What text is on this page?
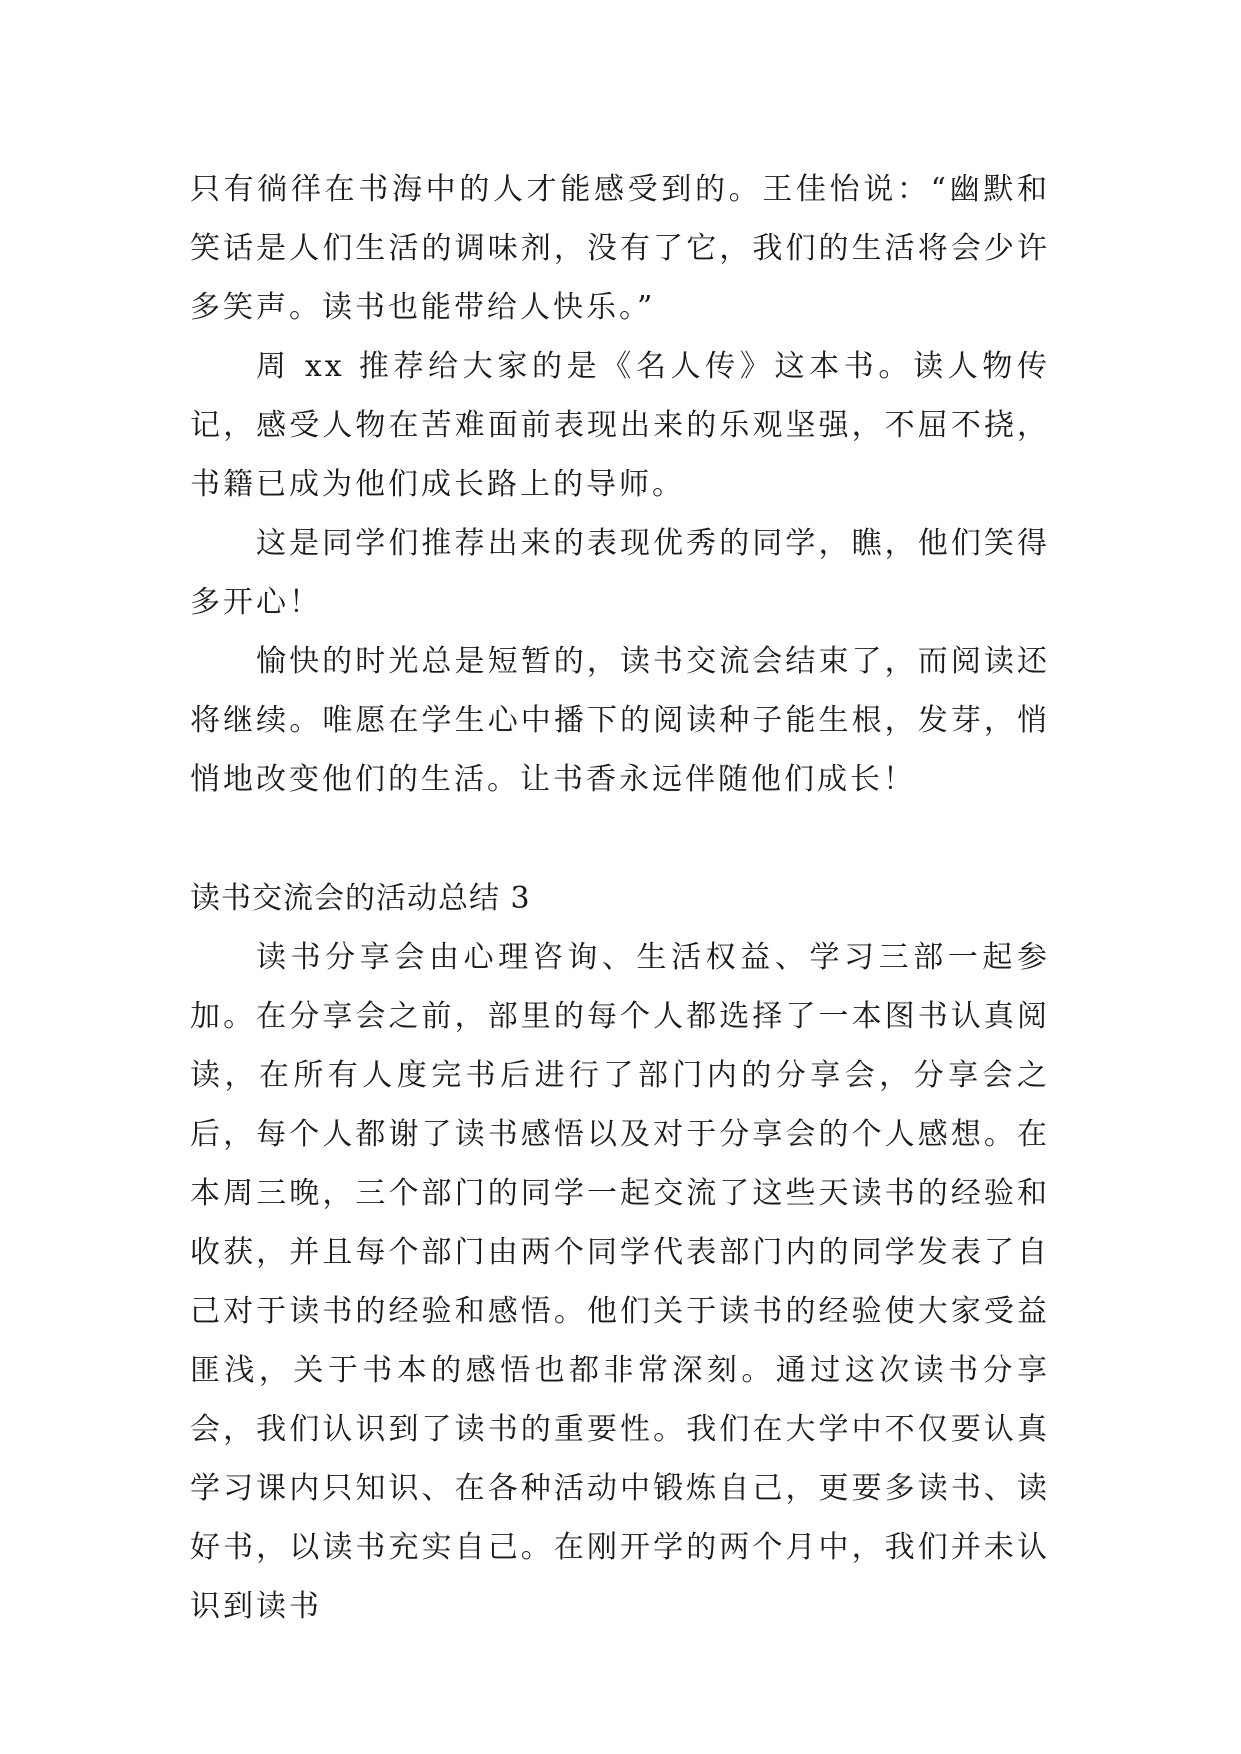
只有徜徉在书海中的人才能感受到的。王佳怡说：“幽默和笑话是人们生活的调味剂，没有了它，我们的生活将会少许多笑声。读书也能带给人快乐。”

周 xx 推荐给大家的是《名人传》这本书。读人物传记，感受人物在苦难面前表现出来的乐观坚强，不屈不挠，书籍已成为他们成长路上的导师。

这是同学们推荐出来的表现优秀的同学，瞧，他们笑得多开心！

愉快的时光总是短暂的，读书交流会结束了，而阅读还将继续。唯愿在学生心中播下的阅读种子能生根，发芽，悄悄地改变他们的生活。让书香永远伴随他们成长！

读书交流会的活动总结 3

读书分享会由心理咨询、生活权益、学习三部一起参加。在分享会之前，部里的每个人都选择了一本图书认真阅读，在所有人度完书后进行了部门内的分享会，分享会之后，每个人都谢了读书感悟以及对于分享会的个人感想。在本周三晚，三个部门的同学一起交流了这些天读书的经验和收获，并且每个部门由两个同学代表部门内的同学发表了自己对于读书的经验和感悟。他们关于读书的经验使大家受益匪浅，关于书本的感悟也都非常深刻。通过这次读书分享会，我们认识到了读书的重要性。我们在大学中不仅要认真学习课内只知识、在各种活动中锻炼自己，更要多读书、读好书，以读书充实自己。在刚开学的两个月中，我们并未认识到读书
